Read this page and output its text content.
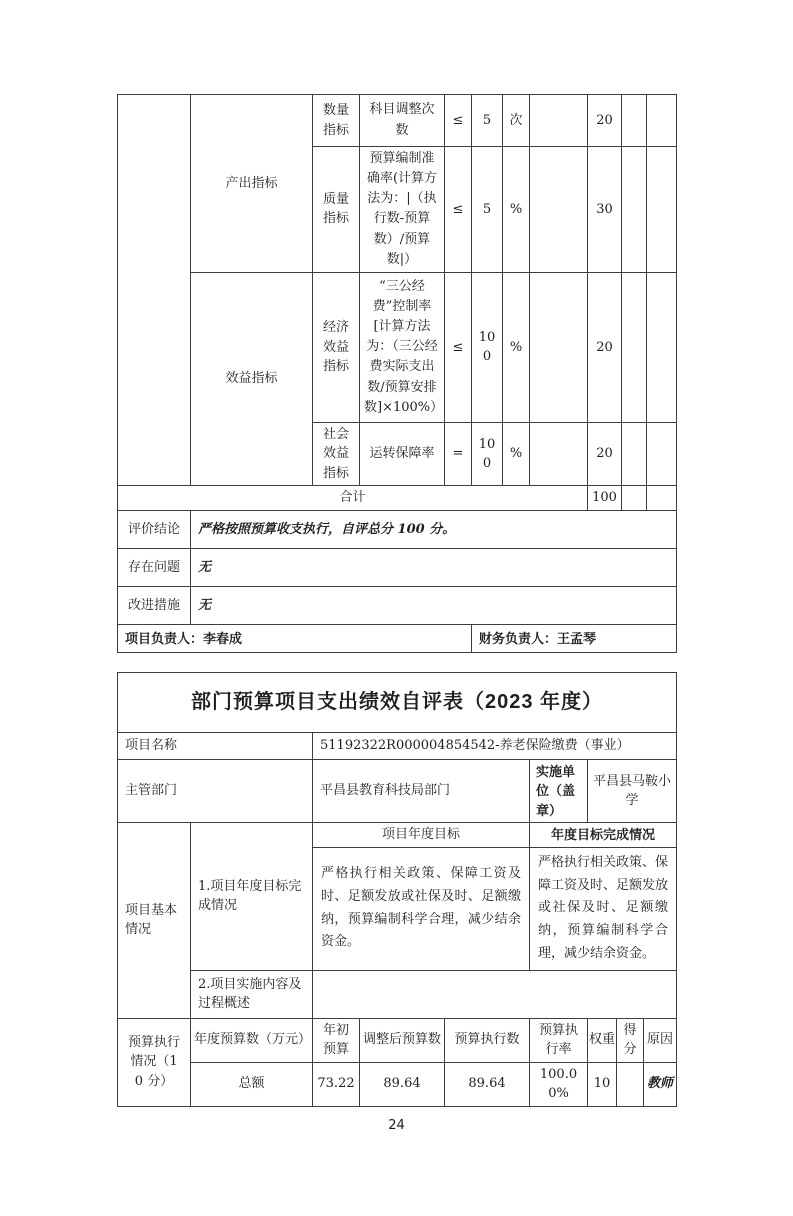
	产出指标	数量指标	科目调整次数	≤	5	次		20		
		质量指标	预算编制准确率(计算方法为：|（执行数-预算数）/预算数|）	≤	5	%		30		
	效益指标	经济效益指标	“三公经费”控制率[计算方法为：（三公经费实际支出数/预算安排数]×100%）	≤	100	%		20		
		社会效益指标	运转保障率	=	100	%		20		
合计								100		
评价结论	严格按照预算收支执行，自评总分 100 分。									
存在问题	无									
改进措施	无									
项目负责人：李春成					财务负责人：王孟琴					
部门预算项目支出绩效自评表（2023 年度）								
项目名称		51192322R000004854542-养老保险缴费（事业）						
主管部门		平昌县教育科技局部门			实施单位（盖章）	平昌县马鞍小学		
项目基本情况	1.项目年度目标完成情况	项目年度目标			年度目标完成情况			
		严格执行相关政策、保障工资及时、足额发放或社保及时、足额缴纳，预算编制科学合理，减少结余资金。			严格执行相关政策、保障工资及时、足额发放或社保及时、足额缴纳，预算编制科学合理，减少结余资金。			
	2.项目实施内容及过程概述							
预算执行情况（10 分）	年度预算数（万元）	年初预算	调整后预算数	预算执行数	预算执行率	权重	得分	原因
	总额	73.22	89.64	89.64	100.00%	10		教师
24
